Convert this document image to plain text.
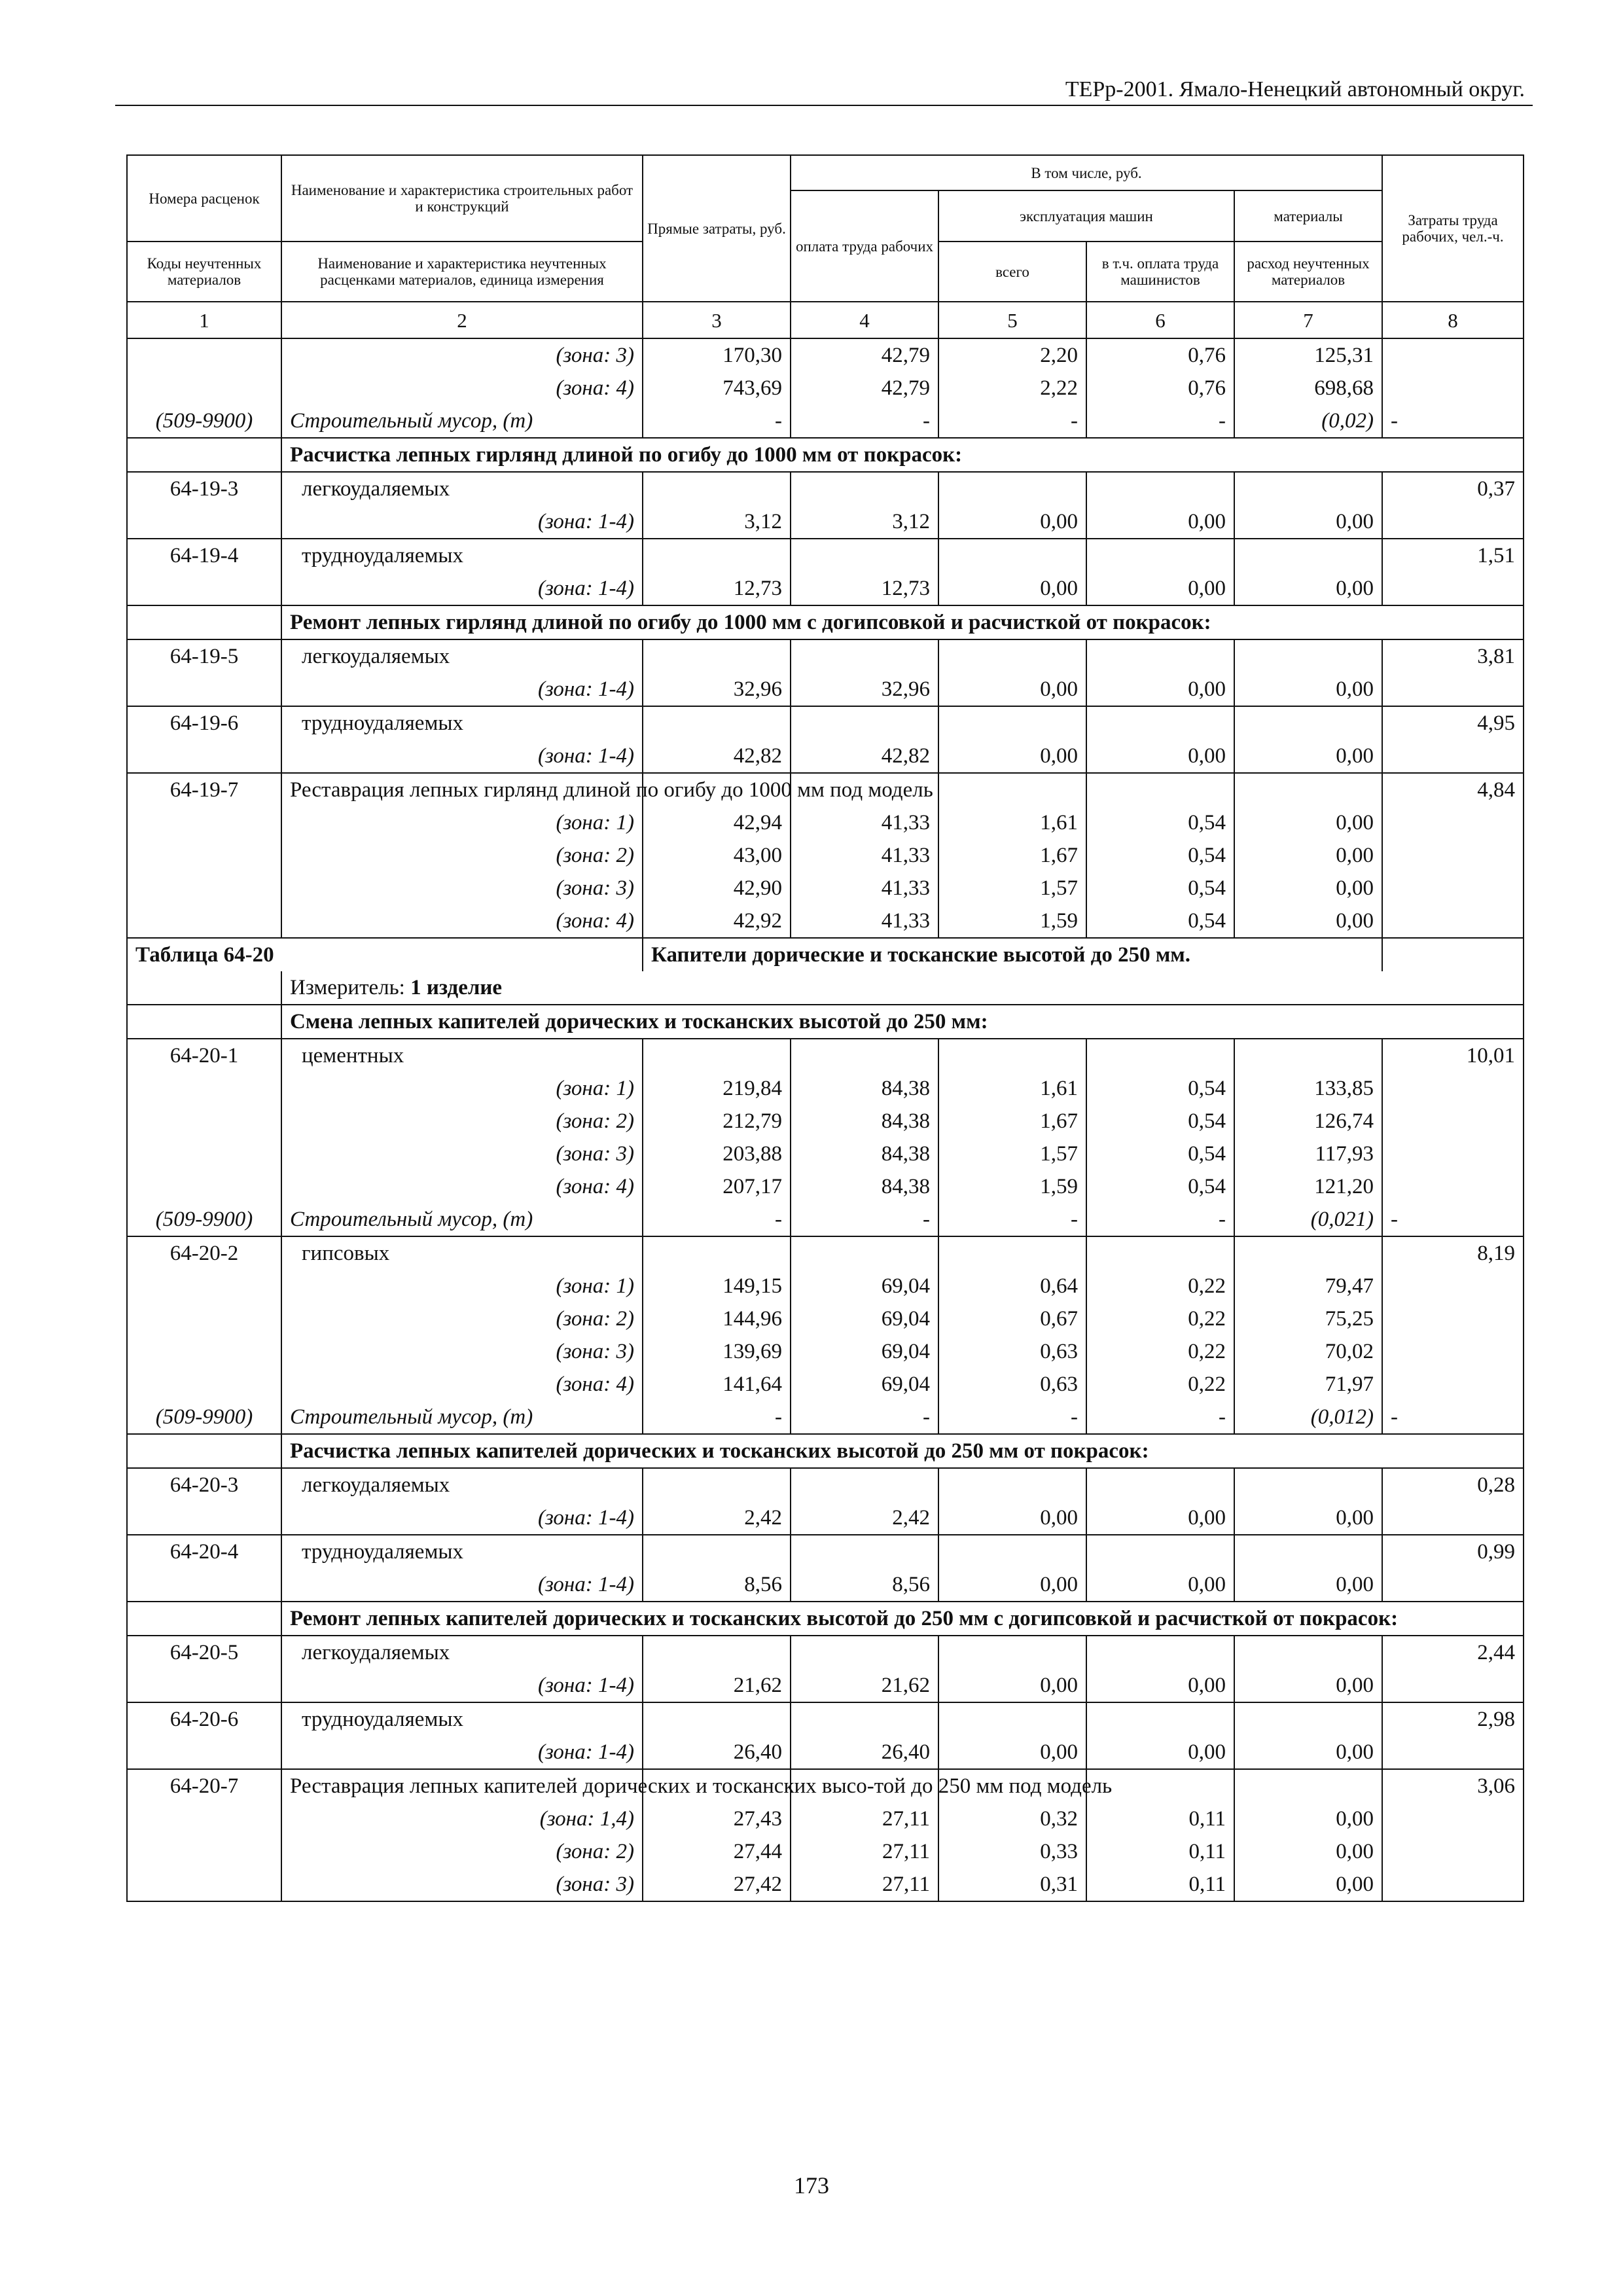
ТЕРр-2001. Ямало-Ненецкий автономный округ.
Номера расценок	Наименование и характеристика строительных работ и конструкций	Прямые затраты, руб.	В том числе, руб.				Затраты труда рабочих, чел.-ч.
			оплата труда рабочих	эксплуатация машин		материалы	
Коды неучтенных материалов	Наименование и характеристика неучтенных расценками материалов, единица измерения			всего	в т.ч. оплата труда машинистов	расход неучтенных материалов	
1	2	3	4	5	6	7	8
	(зона: 3)	170,30	42,79	2,20	0,76	125,31	
	(зона: 4)	743,69	42,79	2,22	0,76	698,68	
(509-9900)	Строительный мусор, (т)	-	-	-	-	(0,02)	-
	Расчистка лепных гирлянд длиной по огибу до 1000 мм от покрасок:						
64-19-3	легкоудаляемых						0,37
	(зона: 1-4)	3,12	3,12	0,00	0,00	0,00	
64-19-4	трудноудаляемых						1,51
	(зона: 1-4)	12,73	12,73	0,00	0,00	0,00	
	Ремонт лепных гирлянд длиной по огибу до 1000 мм с догипсовкой и расчисткой от покрасок:						
64-19-5	легкоудаляемых						3,81
	(зона: 1-4)	32,96	32,96	0,00	0,00	0,00	
64-19-6	трудноудаляемых						4,95
	(зона: 1-4)	42,82	42,82	0,00	0,00	0,00	
64-19-7	Реставрация лепных гирлянд длиной по огибу до 1000 мм под модель						4,84
	(зона: 1)	42,94	41,33	1,61	0,54	0,00	
	(зона: 2)	43,00	41,33	1,67	0,54	0,00	
	(зона: 3)	42,90	41,33	1,57	0,54	0,00	
	(зона: 4)	42,92	41,33	1,59	0,54	0,00	
Таблица 64-20		Капители дорические и тосканские высотой до 250 мм.					
	Измеритель: 1 изделие						
	Смена лепных капителей дорических и тосканских высотой до 250 мм:						
64-20-1	цементных						10,01
	(зона: 1)	219,84	84,38	1,61	0,54	133,85	
	(зона: 2)	212,79	84,38	1,67	0,54	126,74	
	(зона: 3)	203,88	84,38	1,57	0,54	117,93	
	(зона: 4)	207,17	84,38	1,59	0,54	121,20	
(509-9900)	Строительный мусор, (т)	-	-	-	-	(0,021)	-
64-20-2	гипсовых						8,19
	(зона: 1)	149,15	69,04	0,64	0,22	79,47	
	(зона: 2)	144,96	69,04	0,67	0,22	75,25	
	(зона: 3)	139,69	69,04	0,63	0,22	70,02	
	(зона: 4)	141,64	69,04	0,63	0,22	71,97	
(509-9900)	Строительный мусор, (т)	-	-	-	-	(0,012)	-
	Расчистка лепных капителей дорических и тосканских высотой до 250 мм от покрасок:						
64-20-3	легкоудаляемых						0,28
	(зона: 1-4)	2,42	2,42	0,00	0,00	0,00	
64-20-4	трудноудаляемых						0,99
	(зона: 1-4)	8,56	8,56	0,00	0,00	0,00	
	Ремонт лепных капителей дорических и тосканских высотой до 250 мм с догипсовкой и расчисткой от покрасок:						
64-20-5	легкоудаляемых						2,44
	(зона: 1-4)	21,62	21,62	0,00	0,00	0,00	
64-20-6	трудноудаляемых						2,98
	(зона: 1-4)	26,40	26,40	0,00	0,00	0,00	
64-20-7	Реставрация лепных капителей дорических и тосканских высо-той до 250 мм под модель						3,06
	(зона: 1,4)	27,43	27,11	0,32	0,11	0,00	
	(зона: 2)	27,44	27,11	0,33	0,11	0,00	
	(зона: 3)	27,42	27,11	0,31	0,11	0,00	
173
